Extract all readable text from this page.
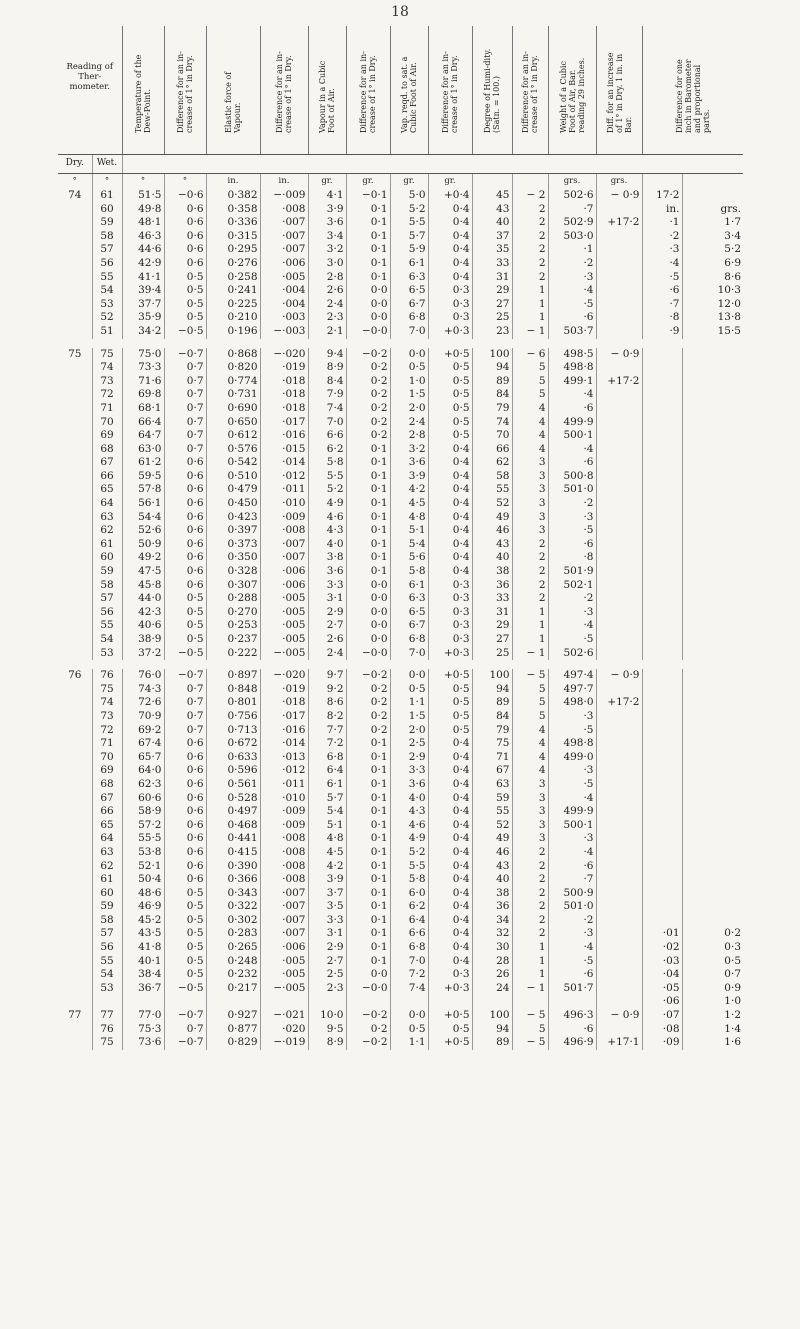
18
Reading of Ther-mometer.		Temperature of the Dew-Point.	Difference for an in-crease of 1° in Dry.	Elastic force of Vapour.	Difference for an in-crease of 1° in Dry.	Vapour in a Cubic Foot of Air.	Difference for an in-crease of 1° in Dry.	Vap. reqd. to sat. a Cubic Foot of Air.	Difference for an in-crease of 1° in Dry.	Degree of Humi-dity. (Satn. = 100.)	Difference for an in-crease of 1° in Dry.	Weight of a Cubic Foot of Air, Bar. reading 29 inches.	Diff. for an increase of 1° in Dry. 1 in. in Bar.	Difference for one inch in Barometer and proportional parts.	
Dry.	Wet.														
°	°	°	°	in.	in.	gr.	gr.	gr.	gr.			grs.	grs.		
74	61	51·5	−0·6	0·382	−·009	4·1	−0·1	5·0	+0·4	45	− 2	502·6	− 0·9	17·2	
	60	49·8	0·6	0·358	·008	3·9	0·1	5·2	0·4	43	2	·7		in.	grs.
	59	48·1	0·6	0·336	·007	3·6	0·1	5·5	0·4	40	2	502·9	+17·2	·1	1·7
	58	46·3	0·6	0·315	·007	3·4	0·1	5·7	0·4	37	2	503·0		·2	3·4
	57	44·6	0·6	0·295	·007	3·2	0·1	5·9	0·4	35	2	·1		·3	5·2
	56	42·9	0·6	0·276	·006	3·0	0·1	6·1	0·4	33	2	·2		·4	6·9
	55	41·1	0·5	0·258	·005	2·8	0·1	6·3	0·4	31	2	·3		·5	8·6
	54	39·4	0·5	0·241	·004	2·6	0·0	6·5	0·3	29	1	·4		·6	10·3
	53	37·7	0·5	0·225	·004	2·4	0·0	6·7	0·3	27	1	·5		·7	12·0
	52	35·9	0·5	0·210	·003	2·3	0·0	6·8	0·3	25	1	·6		·8	13·8
	51	34·2	−0·5	0·196	−·003	2·1	−0·0	7·0	+0·3	23	− 1	503·7		·9	15·5

75	75	75·0	−0·7	0·868	−·020	9·4	−0·2	0·0	+0·5	100	− 6	498·5	− 0·9		
	74	73·3	0·7	0·820	·019	8·9	0·2	0·5	0·5	94	5	498·8			
	73	71·6	0·7	0·774	·018	8·4	0·2	1·0	0·5	89	5	499·1	+17·2		
	72	69·8	0·7	0·731	·018	7·9	0·2	1·5	0·5	84	5	·4			
	71	68·1	0·7	0·690	·018	7·4	0·2	2·0	0·5	79	4	·6			
	70	66·4	0·7	0·650	·017	7·0	0·2	2·4	0·5	74	4	499·9			
	69	64·7	0·7	0·612	·016	6·6	0·2	2·8	0·5	70	4	500·1			
	68	63·0	0·7	0·576	·015	6·2	0·1	3·2	0·4	66	4	·4			
	67	61·2	0·6	0·542	·014	5·8	0·1	3·6	0·4	62	3	·6			
	66	59·5	0·6	0·510	·012	5·5	0·1	3·9	0·4	58	3	500·8			
	65	57·8	0·6	0·479	·011	5·2	0·1	4·2	0·4	55	3	501·0			
	64	56·1	0·6	0·450	·010	4·9	0·1	4·5	0·4	52	3	·2			
	63	54·4	0·6	0·423	·009	4·6	0·1	4·8	0·4	49	3	·3			
	62	52·6	0·6	0·397	·008	4·3	0·1	5·1	0·4	46	3	·5			
	61	50·9	0·6	0·373	·007	4·0	0·1	5·4	0·4	43	2	·6			
	60	49·2	0·6	0·350	·007	3·8	0·1	5·6	0·4	40	2	·8			
	59	47·5	0·6	0·328	·006	3·6	0·1	5·8	0·4	38	2	501·9			
	58	45·8	0·6	0·307	·006	3·3	0·0	6·1	0·3	36	2	502·1			
	57	44·0	0·5	0·288	·005	3·1	0·0	6·3	0·3	33	2	·2			
	56	42·3	0·5	0·270	·005	2·9	0·0	6·5	0·3	31	1	·3			
	55	40·6	0·5	0·253	·005	2·7	0·0	6·7	0·3	29	1	·4			
	54	38·9	0·5	0·237	·005	2·6	0·0	6·8	0·3	27	1	·5			
	53	37·2	−0·5	0·222	−·005	2·4	−0·0	7·0	+0·3	25	− 1	502·6			

76	76	76·0	−0·7	0·897	−·020	9·7	−0·2	0·0	+0·5	100	− 5	497·4	− 0·9		
	75	74·3	0·7	0·848	·019	9·2	0·2	0·5	0·5	94	5	497·7			
	74	72·6	0·7	0·801	·018	8·6	0·2	1·1	0·5	89	5	498·0	+17·2		
	73	70·9	0·7	0·756	·017	8·2	0·2	1·5	0·5	84	5	·3			
	72	69·2	0·7	0·713	·016	7·7	0·2	2·0	0·5	79	4	·5			
	71	67·4	0·6	0·672	·014	7·2	0·1	2·5	0·4	75	4	498·8			
	70	65·7	0·6	0·633	·013	6·8	0·1	2·9	0·4	71	4	499·0			
	69	64·0	0·6	0·596	·012	6·4	0·1	3·3	0·4	67	4	·3			
	68	62·3	0·6	0·561	·011	6·1	0·1	3·6	0·4	63	3	·5			
	67	60·6	0·6	0·528	·010	5·7	0·1	4·0	0·4	59	3	·4			
	66	58·9	0·6	0·497	·009	5·4	0·1	4·3	0·4	55	3	499·9			
	65	57·2	0·6	0·468	·009	5·1	0·1	4·6	0·4	52	3	500·1			
	64	55·5	0·6	0·441	·008	4·8	0·1	4·9	0·4	49	3	·3			
	63	53·8	0·6	0·415	·008	4·5	0·1	5·2	0·4	46	2	·4			
	62	52·1	0·6	0·390	·008	4·2	0·1	5·5	0·4	43	2	·6			
	61	50·4	0·6	0·366	·008	3·9	0·1	5·8	0·4	40	2	·7			
	60	48·6	0·5	0·343	·007	3·7	0·1	6·0	0·4	38	2	500·9			
	59	46·9	0·5	0·322	·007	3·5	0·1	6·2	0·4	36	2	501·0			
	58	45·2	0·5	0·302	·007	3·3	0·1	6·4	0·4	34	2	·2			
	57	43·5	0·5	0·283	·007	3·1	0·1	6·6	0·4	32	2	·3		·01	0·2
	56	41·8	0·5	0·265	·006	2·9	0·1	6·8	0·4	30	1	·4		·02	0·3
	55	40·1	0·5	0·248	·005	2·7	0·1	7·0	0·4	28	1	·5		·03	0·5
	54	38·4	0·5	0·232	·005	2·5	0·0	7·2	0·3	26	1	·6		·04	0·7
	53	36·7	−0·5	0·217	−·005	2·3	−0·0	7·4	+0·3	24	− 1	501·7		·05	0·9
														·06	1·0
77	77	77·0	−0·7	0·927	−·021	10·0	−0·2	0·0	+0·5	100	− 5	496·3	− 0·9	·07	1·2
	76	75·3	0·7	0·877	·020	9·5	0·2	0·5	0·5	94	5	·6		·08	1·4
	75	73·6	−0·7	0·829	−·019	8·9	−0·2	1·1	+0·5	89	− 5	496·9	+17·1	·09	1·6
